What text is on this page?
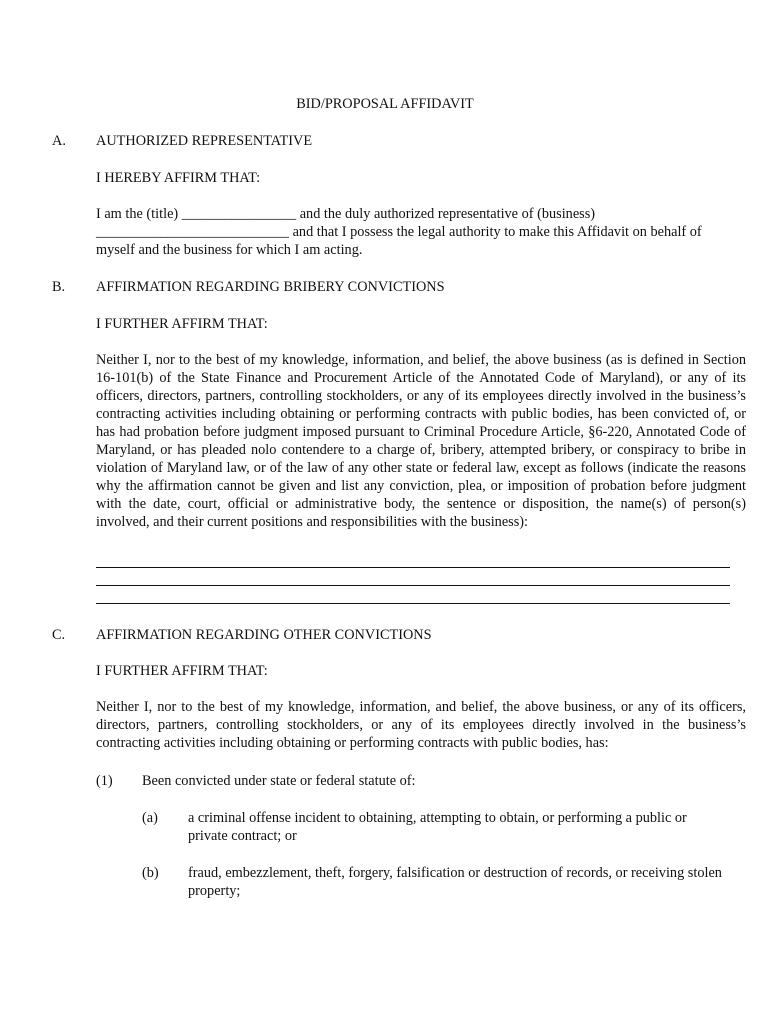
BID/PROPOSAL AFFIDAVIT
A. AUTHORIZED REPRESENTATIVE
I HEREBY AFFIRM THAT:
I am the (title) ________________ and the duly authorized representative of (business)
___________________________ and that I possess the legal authority to make this Affidavit on behalf of
myself and the business for which I am acting.
B. AFFIRMATION REGARDING BRIBERY CONVICTIONS
I FURTHER AFFIRM THAT:
Neither I, nor to the best of my knowledge, information, and belief, the above business (as is defined in Section 16-101(b) of the State Finance and Procurement Article of the Annotated Code of Maryland), or any of its officers, directors, partners, controlling stockholders, or any of its employees directly involved in the business’s contracting activities including obtaining or performing contracts with public bodies, has been convicted of, or has had probation before judgment imposed pursuant to Criminal Procedure Article, §6-220, Annotated Code of Maryland, or has pleaded nolo contendere to a charge of, bribery, attempted bribery, or conspiracy to bribe in violation of Maryland law, or of the law of any other state or federal law, except as follows (indicate the reasons why the affirmation cannot be given and list any conviction, plea, or imposition of probation before judgment with the date, court, official or administrative body, the sentence or disposition, the name(s) of person(s) involved, and their current positions and responsibilities with the business):
C. AFFIRMATION REGARDING OTHER CONVICTIONS
I FURTHER AFFIRM THAT:
Neither I, nor to the best of my knowledge, information, and belief, the above business, or any of its officers, directors, partners, controlling stockholders, or any of its employees directly involved in the business’s contracting activities including obtaining or performing contracts with public bodies, has:
(1) Been convicted under state or federal statute of:
(a) a criminal offense incident to obtaining, attempting to obtain, or performing a public or private contract; or
(b) fraud, embezzlement, theft, forgery, falsification or destruction of records, or receiving stolen property;
